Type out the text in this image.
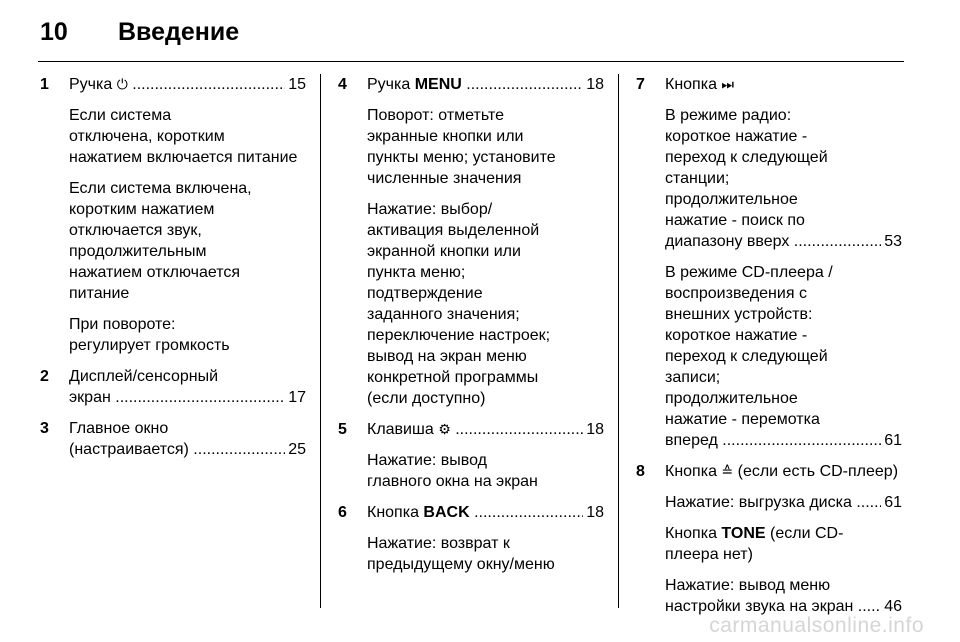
10 Введение
1 Ручка ⏻ .....	15
Если система
отключена, коротким
нажатием включается питание
Если система включена,
коротким нажатием
отключается звук,
продолжительным
нажатием отключается
питание
При повороте:
регулирует громкость
2 Дисплей/сенсорный
экран .....	17
3 Главное окно
(настраивается) .....	25
4 Ручка MENU .....	18
Поворот: отметьте
экранные кнопки или
пункты меню; установите
численные значения
Нажатие: выбор/
активация выделенной
экранной кнопки или
пункта меню;
подтверждение
заданного значения;
переключение настроек;
вывод на экран меню
конкретной программы
(если доступно)
5 Клавиша ⚙ .....	18
Нажатие: вывод
главного окна на экран
6 Кнопка BACK .....	18
Нажатие: возврат к
предыдущему окну/меню
7 Кнопка ⏭
В режиме радио:
короткое нажатие -
переход к следующей
станции;
продолжительное
нажатие - поиск по
диапазону вверх .....	53
В режиме CD-плеера /
воспроизведения с
внешних устройств:
короткое нажатие -
переход к следующей
записи;
продолжительное
нажатие - перемотка
вперед .....	61
8 Кнопка ≙ (если есть CD-плеер)
Нажатие: выгрузка диска .....	61
Кнопка TONE (если CD-
плеера нет)
Нажатие: вывод меню
настройки звука на экран .....	46
carmanualsonline.info
